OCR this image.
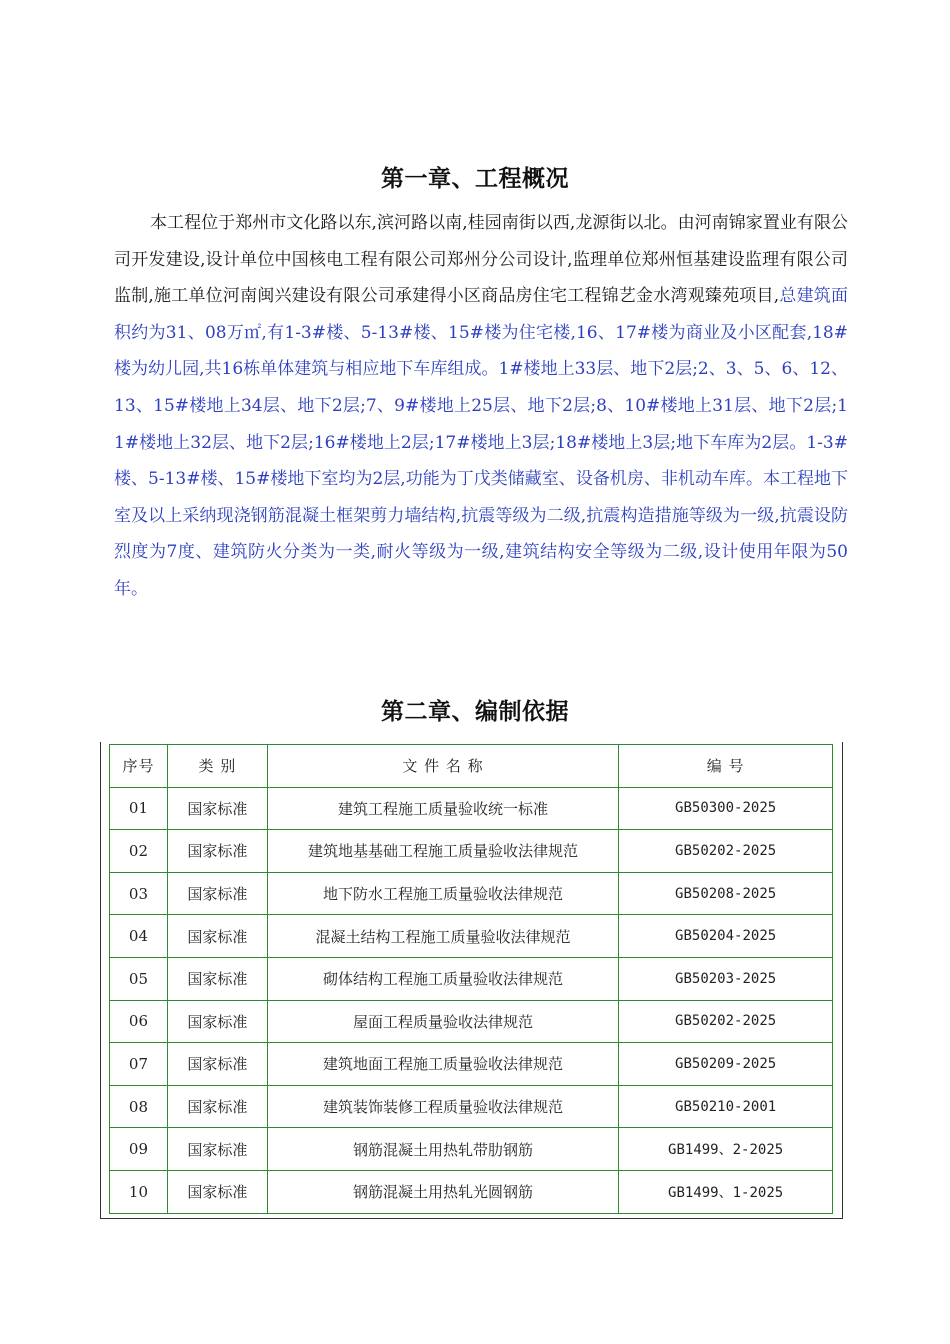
第一章、工程概况

本工程位于郑州市文化路以东,滨河路以南,桂园南街以西,龙源街以北。由河南锦家置业有限公司开发建设,设计单位中国核电工程有限公司郑州分公司设计,监理单位郑州恒基建设监理有限公司监制,施工单位河南闽兴建设有限公司承建得小区商品房住宅工程锦艺金水湾观臻苑项目,总建筑面积约为31、08万㎡,有1-3#楼、5-13#楼、15#楼为住宅楼,16、17#楼为商业及小区配套,18#楼为幼儿园,共16栋单体建筑与相应地下车库组成。1#楼地上33层、地下2层;2、3、5、6、12、13、15#楼地上34层、地下2层;7、9#楼地上25层、地下2层;8、10#楼地上31层、地下2层;11#楼地上32层、地下2层;16#楼地上2层;17#楼地上3层;18#楼地上3层;地下车库为2层。1-3#楼、5-13#楼、15#楼地下室均为2层,功能为丁戊类储藏室、设备机房、非机动车库。本工程地下室及以上采纳现浇钢筋混凝土框架剪力墙结构,抗震等级为二级,抗震构造措施等级为一级,抗震设防烈度为7度、建筑防火分类为一类,耐火等级为一级,建筑结构安全等级为二级,设计使用年限为50年。

第二章、编制依据
序号	类 别	文 件 名 称	编 号
01	国家标准	建筑工程施工质量验收统一标准	GB50300-2025
02	国家标准	建筑地基基础工程施工质量验收法律规范	GB50202-2025
03	国家标准	地下防水工程施工质量验收法律规范	GB50208-2025
04	国家标准	混凝土结构工程施工质量验收法律规范	GB50204-2025
05	国家标准	砌体结构工程施工质量验收法律规范	GB50203-2025
06	国家标准	屋面工程质量验收法律规范	GB50202-2025
07	国家标准	建筑地面工程施工质量验收法律规范	GB50209-2025
08	国家标准	建筑装饰装修工程质量验收法律规范	GB50210-2001
09	国家标准	钢筋混凝土用热轧带肋钢筋	GB1499、2-2025
10	国家标准	钢筋混凝土用热轧光圆钢筋	GB1499、1-2025
